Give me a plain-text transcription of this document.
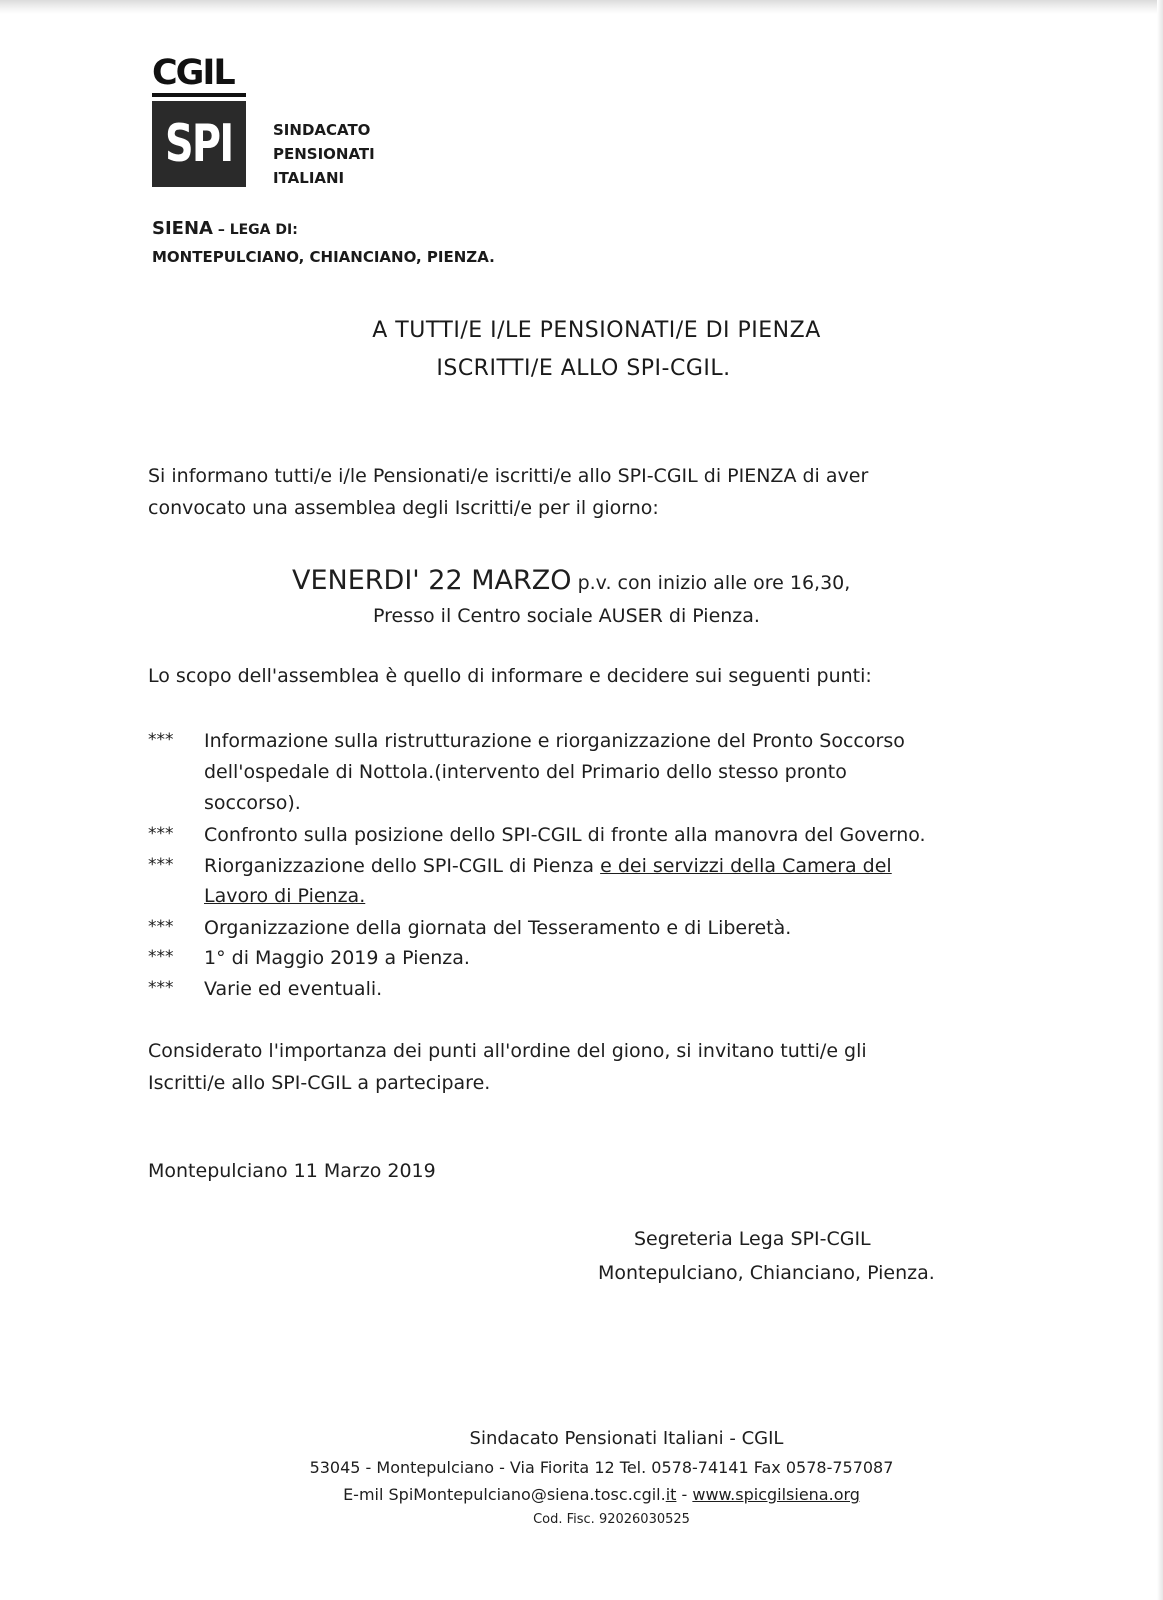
CGIL
SPI	SINDACATO
PENSIONATI
ITALIANI
SIENA – LEGA DI:
MONTEPULCIANO, CHIANCIANO, PIENZA.
A TUTTI/E I/LE PENSIONATI/E DI PIENZA
ISCRITTI/E ALLO SPI-CGIL.
Si informano tutti/e i/le Pensionati/e iscritti/e allo SPI-CGIL di PIENZA di aver
convocato una assemblea degli Iscritti/e per il giorno:
VENERDI' 22 MARZO p.v. con inizio alle ore 16,30,
Presso il Centro sociale AUSER di Pienza.
Lo scopo dell'assemblea è quello di informare e decidere sui seguenti punti:
*** Informazione sulla ristrutturazione e riorganizzazione del Pronto Soccorso
dell'ospedale di Nottola.(intervento del Primario dello stesso pronto
soccorso).
*** Confronto sulla posizione dello SPI-CGIL di fronte alla manovra del Governo.
*** Riorganizzazione dello SPI-CGIL di Pienza e dei servizzi della Camera del
Lavoro di Pienza.
*** Organizzazione della giornata del Tesseramento e di Liberetà.
*** 1° di Maggio 2019 a Pienza.
*** Varie ed eventuali.
Considerato l'importanza dei punti all'ordine del giono, si invitano tutti/e gli
Iscritti/e allo SPI-CGIL a partecipare.
Montepulciano 11 Marzo 2019
Segreteria Lega SPI-CGIL
Montepulciano, Chianciano, Pienza.
Sindacato Pensionati Italiani - CGIL
53045 - Montepulciano - Via Fiorita 12 Tel. 0578-74141 Fax 0578-757087
E-mil SpiMontepulciano@siena.tosc.cgil.it - www.spicgilsiena.org
Cod. Fisc. 92026030525
